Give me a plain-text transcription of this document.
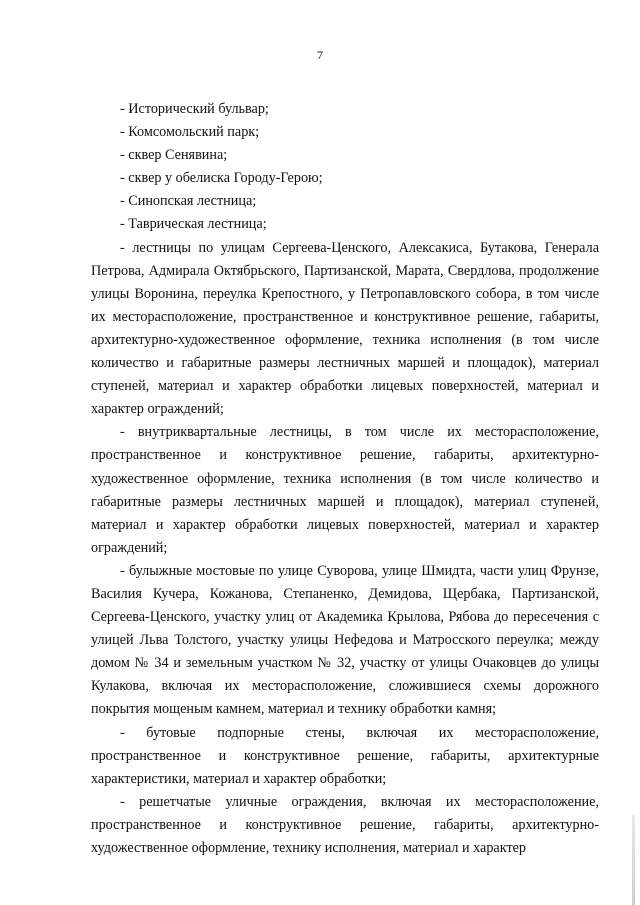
7
- Исторический бульвар;
- Комсомольский парк;
- сквер Сенявина;
- сквер у обелиска Городу-Герою;
- Синопская лестница;
- Таврическая лестница;
- лестницы по улицам Сергеева-Ценского, Алексакиса, Бутакова, Генерала Петрова, Адмирала Октябрьского, Партизанской, Марата, Свердлова, продолжение улицы Воронина, переулка Крепостного, у Петропавловского собора, в том числе их месторасположение, пространственное и конструктивное решение, габариты, архитектурно-художественное оформление, техника исполнения (в том числе количество и габаритные размеры лестничных маршей и площадок), материал ступеней, материал и характер обработки лицевых поверхностей, материал и характер ограждений;
- внутриквартальные лестницы, в том числе их месторасположение, пространственное и конструктивное решение, габариты, архитектурно-художественное оформление, техника исполнения (в том числе количество и габаритные размеры лестничных маршей и площадок), материал ступеней, материал и характер обработки лицевых поверхностей, материал и характер ограждений;
- булыжные мостовые по улице Суворова, улице Шмидта, части улиц Фрунзе, Василия Кучера, Кожанова, Степаненко, Демидова, Щербака, Партизанской, Сергеева-Ценского, участку улиц от Академика Крылова, Рябова до пересечения с улицей Льва Толстого, участку улицы Нефедова и Матросского переулка; между домом № 34 и земельным участком № 32, участку от улицы Очаковцев до улицы Кулакова, включая их месторасположение, сложившиеся схемы дорожного покрытия мощеным камнем, материал и технику обработки камня;
- бутовые подпорные стены, включая их месторасположение, пространственное и конструктивное решение, габариты, архитектурные характеристики, материал и характер обработки;
- решетчатые уличные ограждения, включая их месторасположение, пространственное и конструктивное решение, габариты, архитектурно-художественное оформление, технику исполнения, материал и характер
